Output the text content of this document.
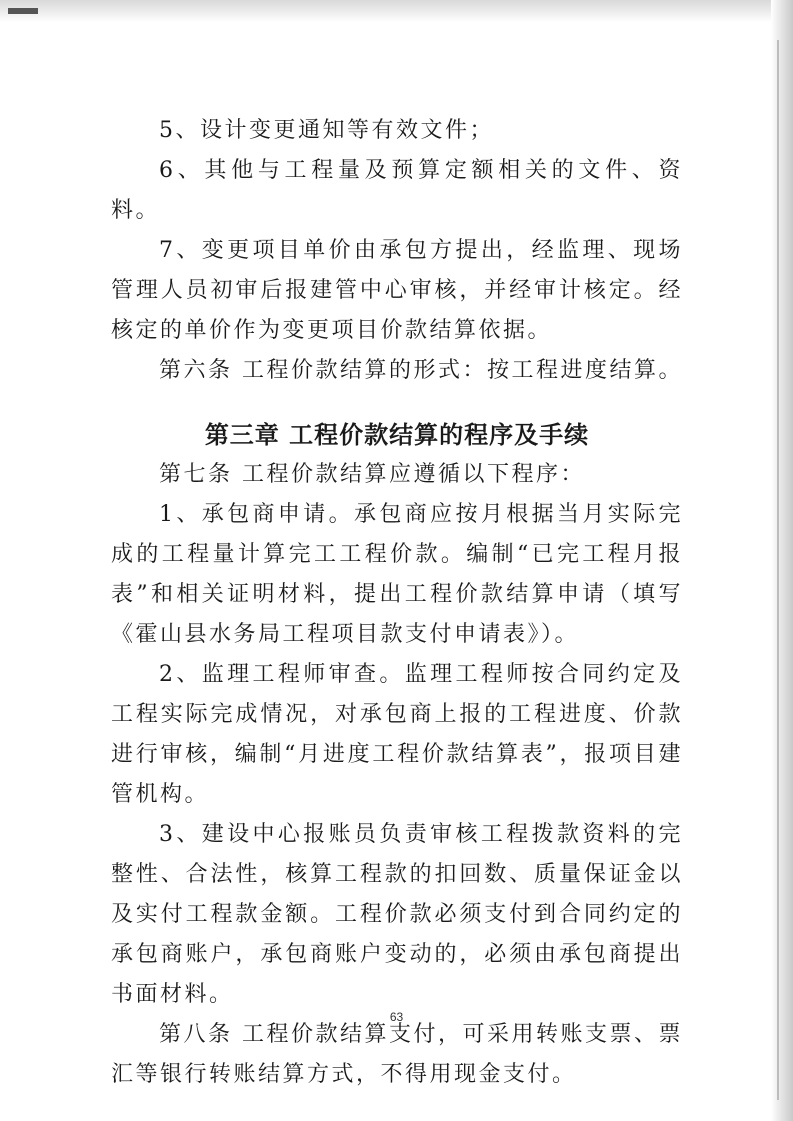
5、设计变更通知等有效文件；

6、其他与工程量及预算定额相关的文件、资料。

7、变更项目单价由承包方提出，经监理、现场管理人员初审后报建管中心审核，并经审计核定。经核定的单价作为变更项目价款结算依据。

第六条 工程价款结算的形式：按工程进度结算。

第三章 工程价款结算的程序及手续

第七条 工程价款结算应遵循以下程序：

1、承包商申请。承包商应按月根据当月实际完成的工程量计算完工工程价款。编制“已完工程月报表”和相关证明材料，提出工程价款结算申请（填写《霍山县水务局工程项目款支付申请表》）。

2、监理工程师审查。监理工程师按合同约定及工程实际完成情况，对承包商上报的工程进度、价款进行审核，编制“月进度工程价款结算表”，报项目建管机构。

3、建设中心报账员负责审核工程拨款资料的完整性、合法性，核算工程款的扣回数、质量保证金以及实付工程款金额。工程价款必须支付到合同约定的承包商账户，承包商账户变动的，必须由承包商提出书面材料。

第八条 工程价款结算支付，可采用转账支票、票汇等银行转账结算方式，不得用现金支付。

63
